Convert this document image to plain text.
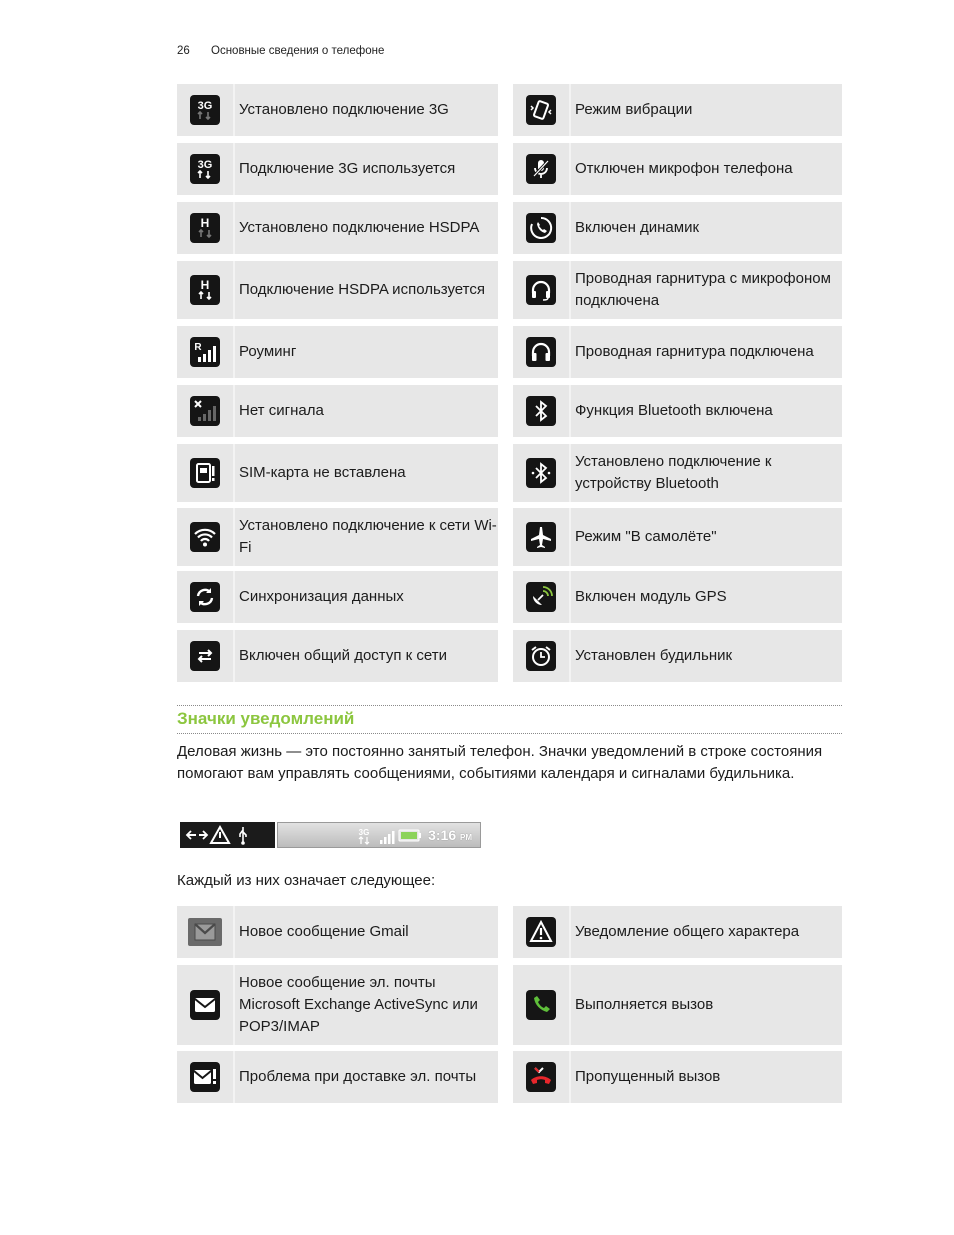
26 Основные сведения о телефоне
3G Установлено подключение 3G
3G Подключение 3G используется
H Установлено подключение HSDPA
H Подключение HSDPA используется
R Роуминг
Нет сигнала
SIM-карта не вставлена
Установлено подключение к сети Wi-Fi
Синхронизация данных
Включен общий доступ к сети
Режим вибрации
Отключен микрофон телефона
Включен динамик
Проводная гарнитура с микрофоном подключена
Проводная гарнитура подключена
Функция Bluetooth включена
Установлено подключение к устройству Bluetooth
Режим "В самолёте"
Включен модуль GPS
Установлен будильник
Значки уведомлений
Деловая жизнь — это постоянно занятый телефон. Значки уведомлений в строке состояния помогают вам управлять сообщениями, событиями календаря и сигналами будильника.
3G	3:16 PM
Каждый из них означает следующее:
Новое сообщение Gmail
Новое сообщение эл. почты Microsoft Exchange ActiveSync или POP3/IMAP
Проблема при доставке эл. почты
Уведомление общего характера
Выполняется вызов
Пропущенный вызов
